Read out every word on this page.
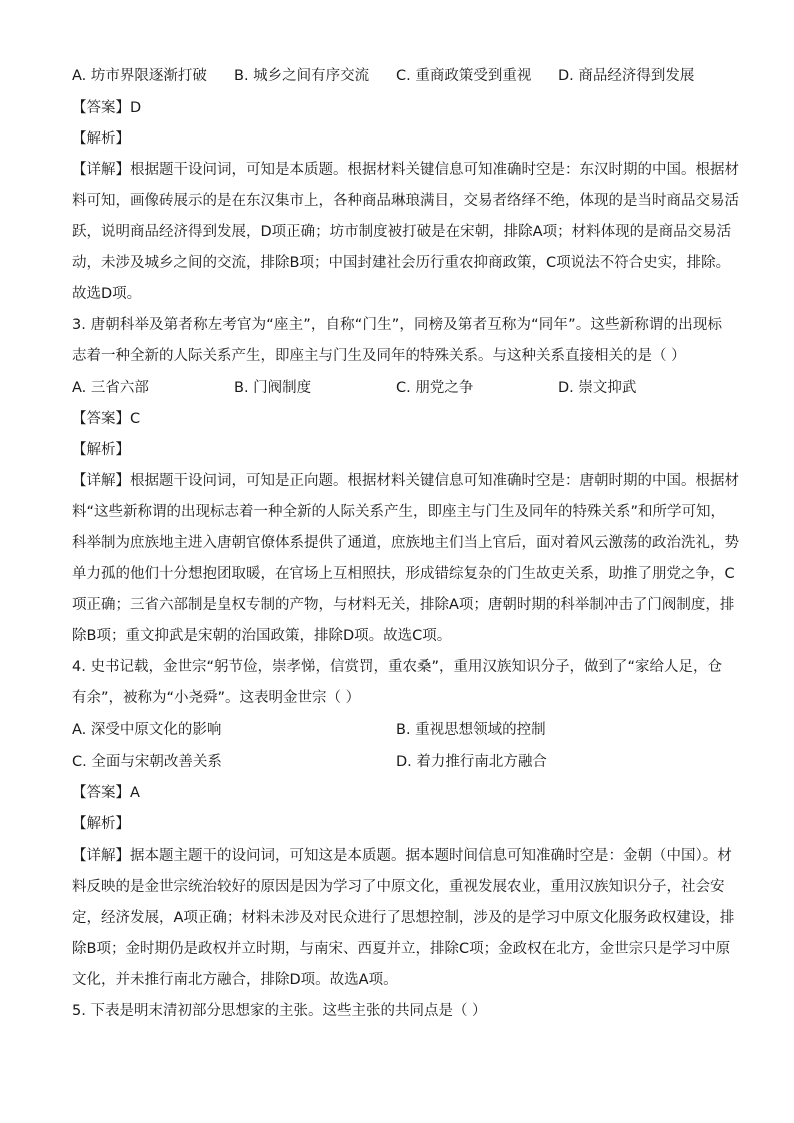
A. 坊市界限逐渐打破 B. 城乡之间有序交流 C. 重商政策受到重视 D. 商品经济得到发展
【答案】D
【解析】
【详解】根据题干设问词，可知是本质题。根据材料关键信息可知准确时空是：东汉时期的中国。根据材
料可知，画像砖展示的是在东汉集市上，各种商品琳琅满目，交易者络绎不绝，体现的是当时商品交易活
跃，说明商品经济得到发展，D项正确；坊市制度被打破是在宋朝，排除A项；材料体现的是商品交易活
动，未涉及城乡之间的交流，排除B项；中国封建社会历行重农抑商政策，C项说法不符合史实，排除。
故选D项。
3. 唐朝科举及第者称左考官为“座主”，自称“门生”，同榜及第者互称为“同年”。这些新称谓的出现标
志着一种全新的人际关系产生，即座主与门生及同年的特殊关系。与这种关系直接相关的是（ ）
A. 三省六部	B. 门阀制度	C. 朋党之争	D. 崇文抑武
【答案】C
【解析】
【详解】根据题干设问词，可知是正向题。根据材料关键信息可知准确时空是：唐朝时期的中国。根据材
料“这些新称谓的出现标志着一种全新的人际关系产生，即座主与门生及同年的特殊关系”和所学可知，
科举制为庶族地主进入唐朝官僚体系提供了通道，庶族地主们当上官后，面对着风云激荡的政治洗礼，势
单力孤的他们十分想抱团取暖，在官场上互相照扶，形成错综复杂的门生故吏关系，助推了朋党之争，C
项正确；三省六部制是皇权专制的产物，与材料无关，排除A项；唐朝时期的科举制冲击了门阀制度，排
除B项；重文抑武是宋朝的治国政策，排除D项。故选C项。
4. 史书记载，金世宗“躬节俭，崇孝悌，信赏罚，重农桑”，重用汉族知识分子，做到了“家给人足，仓
有余”，被称为“小尧舜”。这表明金世宗（ ）
A. 深受中原文化的影响	B. 重视思想领域的控制
C. 全面与宋朝改善关系	D. 着力推行南北方融合
【答案】A
【解析】
【详解】据本题主题干的设问词，可知这是本质题。据本题时间信息可知准确时空是：金朝（中国）。材
料反映的是金世宗统治较好的原因是因为学习了中原文化，重视发展农业，重用汉族知识分子，社会安
定，经济发展，A项正确；材料未涉及对民众进行了思想控制，涉及的是学习中原文化服务政权建设，排
除B项；金时期仍是政权并立时期，与南宋、西夏并立，排除C项；金政权在北方，金世宗只是学习中原
文化，并未推行南北方融合，排除D项。故选A项。
5. 下表是明末清初部分思想家的主张。这些主张的共同点是（ ）
